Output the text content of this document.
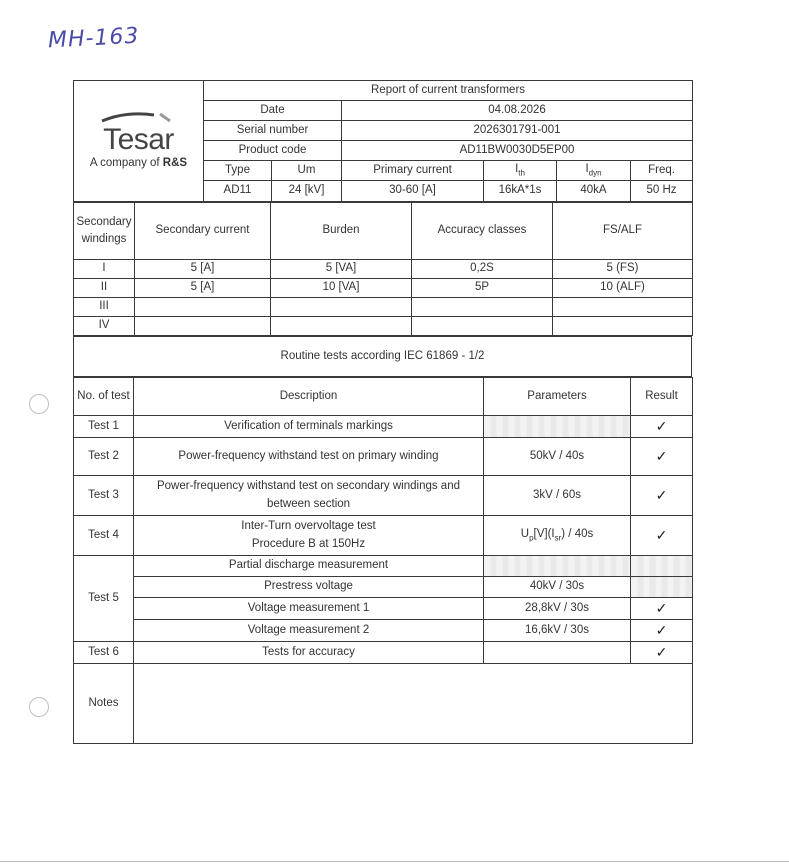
MH-163
Tesar
A company of R&S	Report of current transformers					
	Date		04.08.2026			
	Serial number		2026301791-001			
	Product code		AD11BW0030D5EP00			
	Type	Um	Primary current	$I_{th}$	$I_{dyn}$	Freq.
	AD11	24 [kV]	30-60 [A]	16kA*1s	40kA	50 Hz
Secondary windings	Secondary current	Burden	Accuracy classes	FS/ALF
I	5 [A]	5 [VA]	0,2S	5 (FS)
II	5 [A]	10 [VA]	5P	10 (ALF)
III				
IV				
Routine tests according IEC 61869 - 1/2
No. of test	Description	Parameters	Result
Test 1	Verification of terminals markings		✓
Test 2	Power-frequency withstand test on primary winding	50kV / 40s	✓
Test 3	Power-frequency withstand test on secondary windings and
between section	3kV / 60s	✓
Test 4	Inter-Turn overvoltage test
Procedure B at 150Hz	$U_p[V](I_{sr}) / 40s$	✓
Test 5	Partial discharge measurement		
	Prestress voltage	40kV / 30s	
	Voltage measurement 1	28,8kV / 30s	✓
	Voltage measurement 2	16,6kV / 30s	✓
Test 6	Tests for accuracy		✓
Notes			
